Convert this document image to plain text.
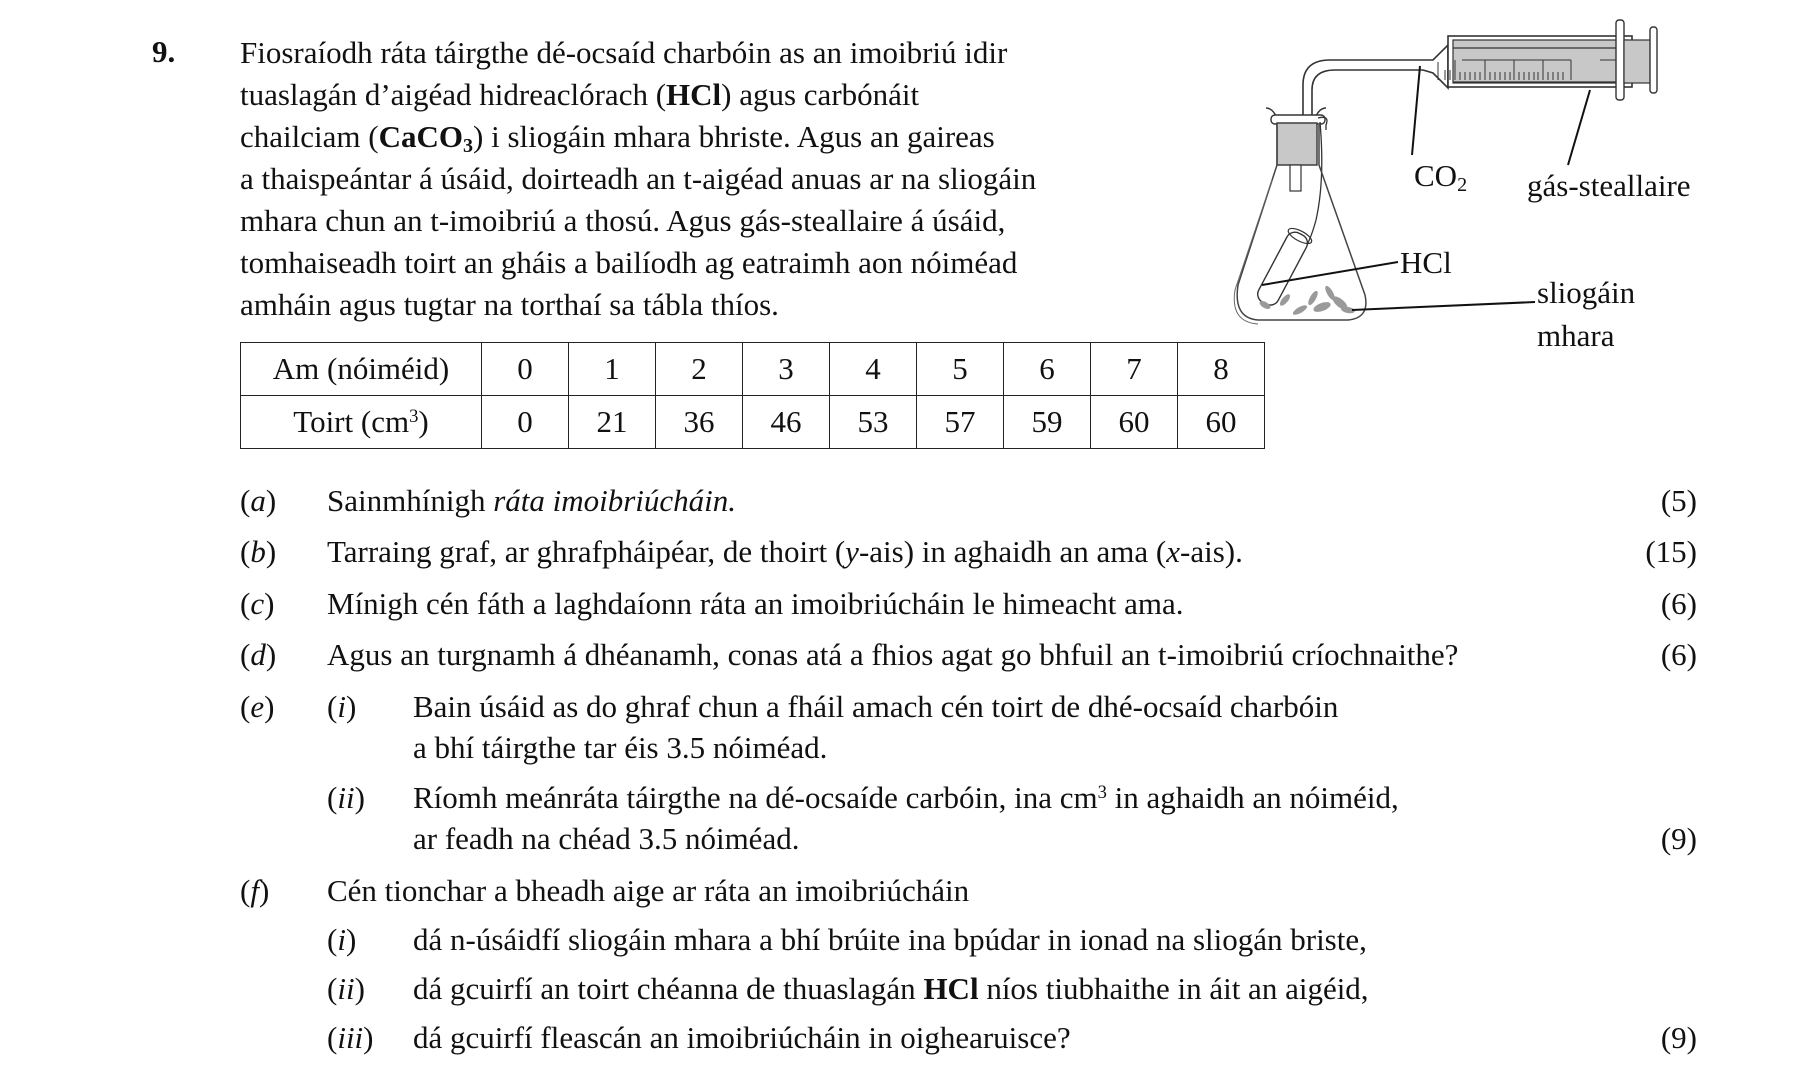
9. Fiosraíodh ráta táirgthe dé-ocsaíd charbóin as an imoibriú idir
tuaslagán d’aigéad hidreaclórach (HCl) agus carbónáit
chailciam (CaCO$_3$) i sliogáin mhara bhriste. Agus an gaireas
a thaispeántar á úsáid, doirteadh an t-aigéad anuas ar na sliogáin
mhara chun an t-imoibriú a thosú. Agus gás-steallaire á úsáid,
tomhaiseadh toirt an gháis a bailíodh ag eatraimh aon nóiméad
amháin agus tugtar na torthaí sa tábla thíos.
Am (nóiméid)	0	1	2	3	4	5	6	7	8
Toirt $(cm^3)$	0	21	36	46	53	57	59	60	60
$CO_2$ gás-steallaire
HCl
sliogáin
mhara
(a) Sainmhínigh ráta imoibriúcháin.	(5)
(b) Tarraing graf, ar ghrafpháipéar, de thoirt (y-ais) in aghaidh an ama (x-ais).	(15)
(c) Mínigh cén fáth a laghdaíonn ráta an imoibriúcháin le himeacht ama.	(6)
(d) Agus an turgnamh á dhéanamh, conas atá a fhios agat go bhfuil an t-imoibriú críochnaithe?	(6)
(e) (i) Bain úsáid as do ghraf chun a fháil amach cén toirt de dhé-ocsaíd charbóin
a bhí táirgthe tar éis 3.5 nóiméad.
(ii) Ríomh meánráta táirgthe na dé-ocsaíde carbóin, ina $cm^3$ in aghaidh an nóiméid,
ar feadh na chéad 3.5 nóiméad.	(9)
(f) Cén tionchar a bheadh aige ar ráta an imoibriúcháin
(i) dá n-úsáidfí sliogáin mhara a bhí brúite ina bpúdar in ionad na sliogán briste,
(ii) dá gcuirfí an toirt chéanna de thuaslagán HCl níos tiubhaithe in áit an aigéid,
(iii) dá gcuirfí fleascán an imoibriúcháin in oighearuisce?	(9)
